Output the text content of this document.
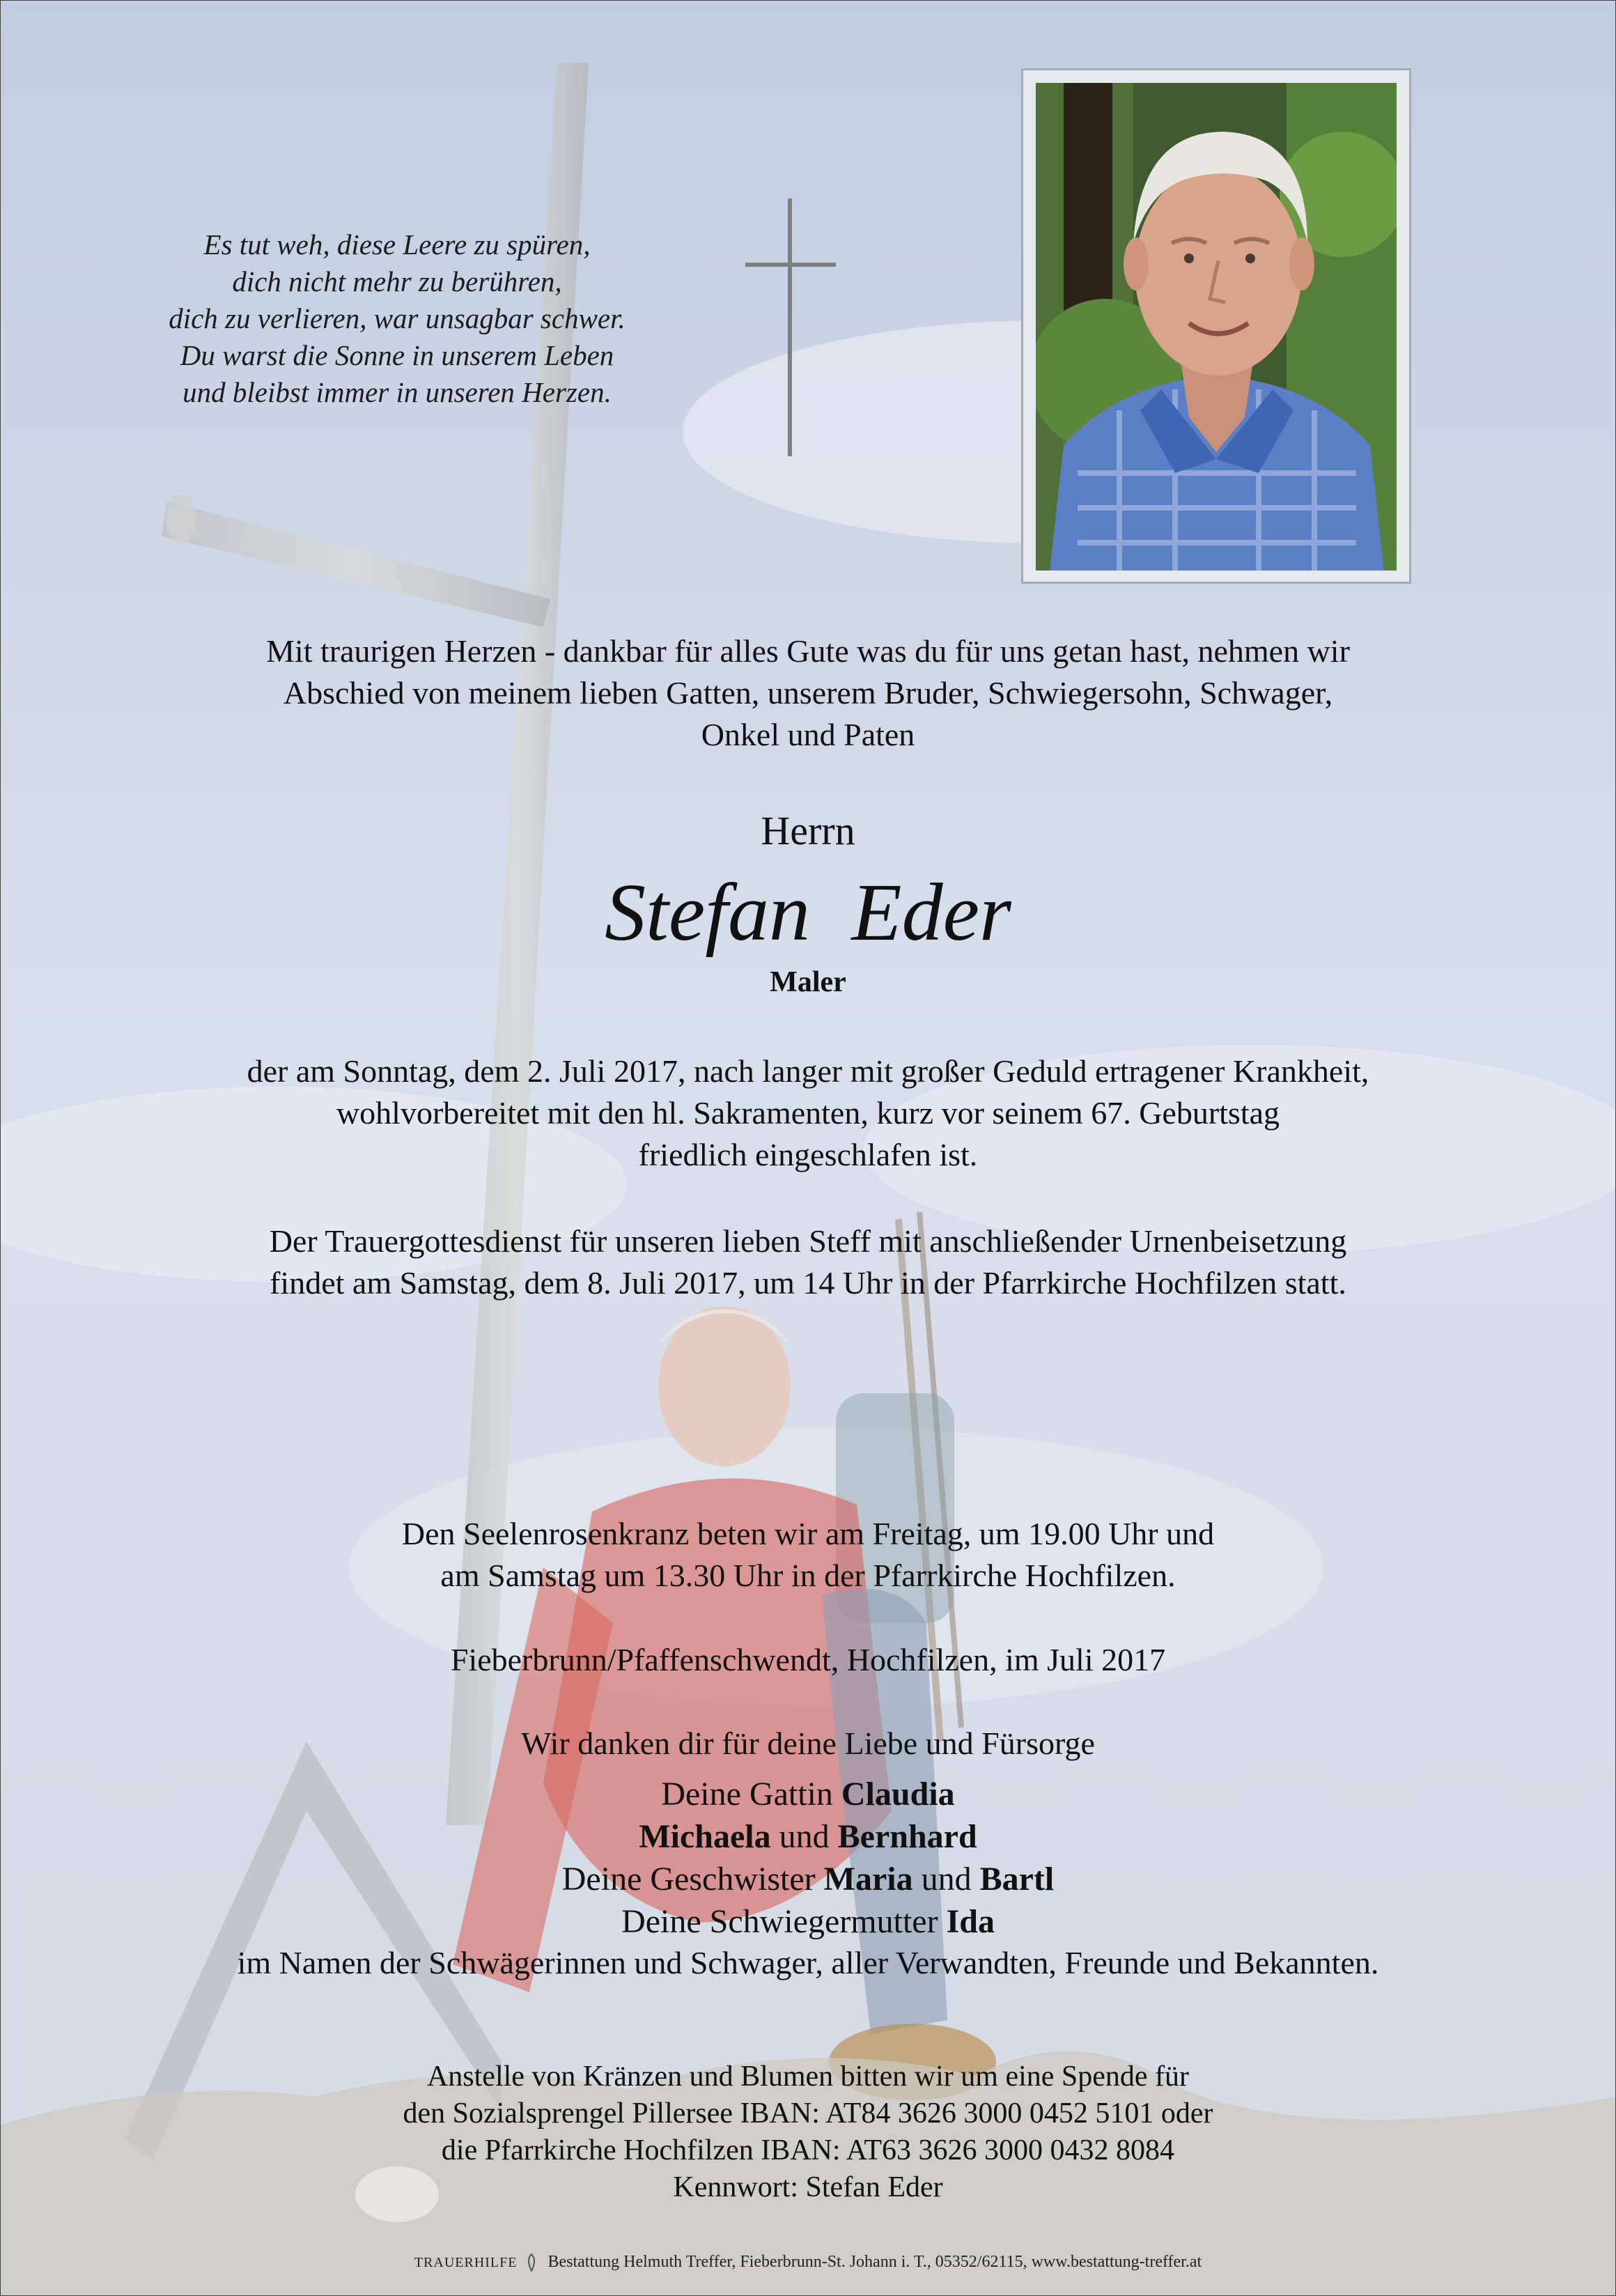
Es tut weh, diese Leere zu spüren,
dich nicht mehr zu berühren,
dich zu verlieren, war unsagbar schwer.
Du warst die Sonne in unserem Leben
und bleibst immer in unseren Herzen.
Mit traurigen Herzen - dankbar für alles Gute was du für uns getan hast, nehmen wir
Abschied von meinem lieben Gatten, unserem Bruder, Schwiegersohn, Schwager,
Onkel und Paten
Herrn
Stefan Eder
Maler
der am Sonntag, dem 2. Juli 2017, nach langer mit großer Geduld ertragener Krankheit,
wohlvorbereitet mit den hl. Sakramenten, kurz vor seinem 67. Geburtstag
friedlich eingeschlafen ist.
Der Trauergottesdienst für unseren lieben Steff mit anschließender Urnenbeisetzung
findet am Samstag, dem 8. Juli 2017, um 14 Uhr in der Pfarrkirche Hochfilzen statt.
Den Seelenrosenkranz beten wir am Freitag, um 19.00 Uhr und
am Samstag um 13.30 Uhr in der Pfarrkirche Hochfilzen.
Fieberbrunn/Pfaffenschwendt, Hochfilzen, im Juli 2017
Wir danken dir für deine Liebe und Fürsorge
Deine Gattin Claudia
Michaela und Bernhard
Deine Geschwister Maria und Bartl
Deine Schwiegermutter Ida
im Namen der Schwägerinnen und Schwager, aller Verwandten, Freunde und Bekannten.
Anstelle von Kränzen und Blumen bitten wir um eine Spende für
den Sozialsprengel Pillersee IBAN: AT84 3626 3000 0452 5101 oder
die Pfarrkirche Hochfilzen IBAN: AT63 3626 3000 0432 8084
Kennwort: Stefan Eder
TRAUERHILFE Bestattung Helmuth Treffer, Fieberbrunn-St. Johann i. T., 05352/62115, www.bestattung-treffer.at
